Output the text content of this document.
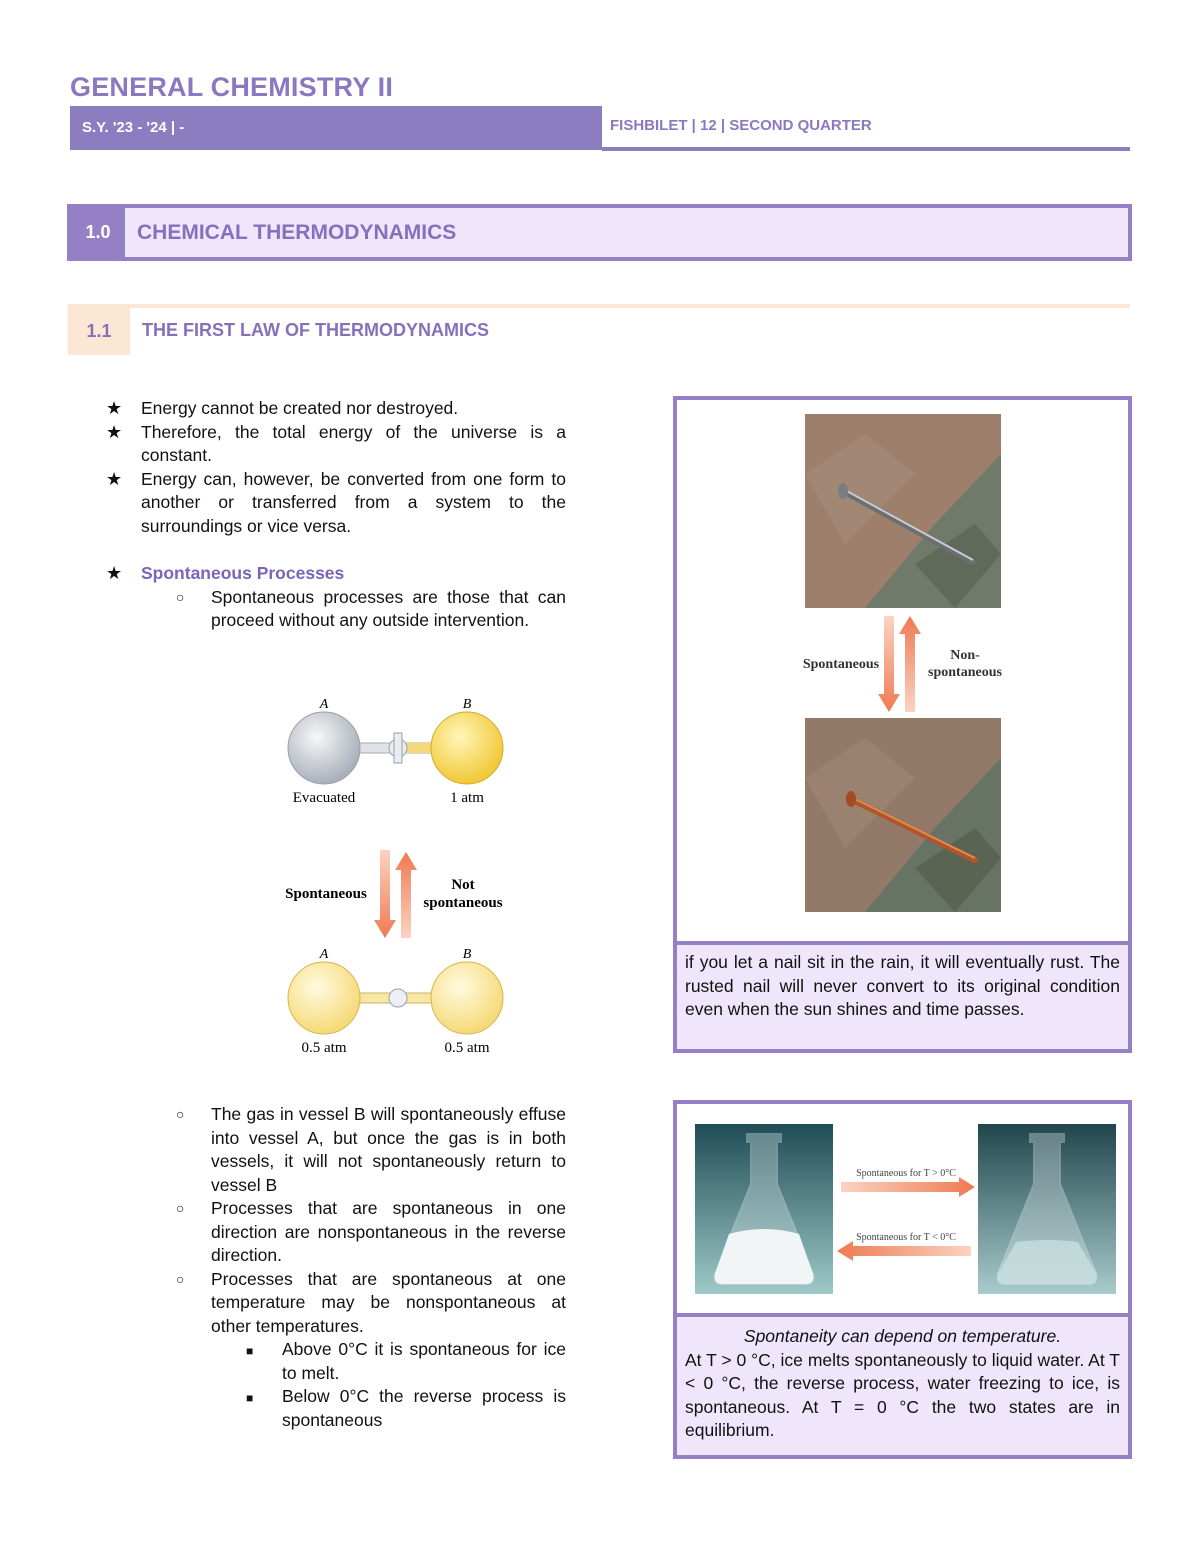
GENERAL CHEMISTRY II
S.Y. '23 - '24 | -	FISHBILET | 12 | SECOND QUARTER
1.0	CHEMICAL THERMODYNAMICS
1.1	THE FIRST LAW OF THERMODYNAMICS
★ Energy cannot be created nor destroyed.
★ Therefore, the total energy of the universe is a constant.
★ Energy can, however, be converted from one form to another or transferred from a system to the surroundings or vice versa.
★ Spontaneous Processes
○ Spontaneous processes are those that can proceed without any outside intervention.
A	B
Evacuated	1 atm
Spontaneous
Not
spontaneous
A	B
0.5 atm	0.5 atm
○ The gas in vessel B will spontaneously effuse into vessel A, but once the gas is in both vessels, it will not spontaneously return to vessel B
○ Processes that are spontaneous in one direction are nonspontaneous in the reverse direction.
○ Processes that are spontaneous at one temperature may be nonspontaneous at other temperatures.
■ Above 0°C it is spontaneous for ice to melt.
■ Below 0°C the reverse process is spontaneous
Spontaneous
Non-
spontaneous
if you let a nail sit in the rain, it will eventually rust. The rusted nail will never convert to its original condition even when the sun shines and time passes.
Spontaneous for T > 0°C
Spontaneous for T < 0°C
Spontaneity can depend on temperature.
At T > 0 °C, ice melts spontaneously to liquid water. At T < 0 °C, the reverse process, water freezing to ice, is spontaneous. At T = 0 °C the two states are in equilibrium.
